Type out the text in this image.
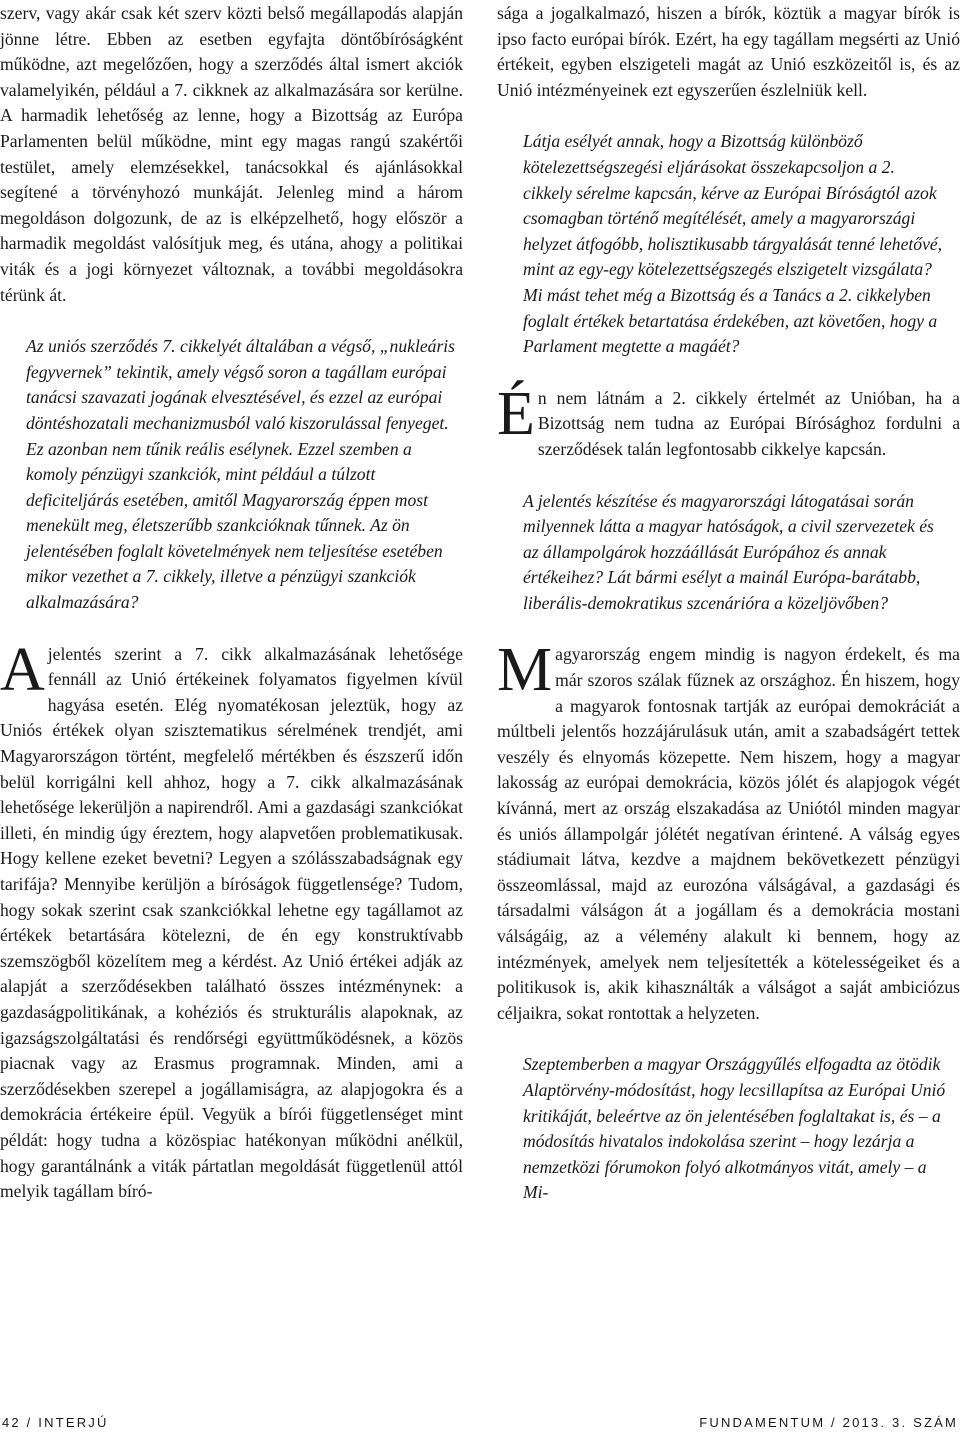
szerv, vagy akár csak két szerv közti belső megállapodás alapján jönne létre. Ebben az esetben egyfajta döntőbíróságként működne, azt megelőzően, hogy a szerződés által ismert akciók valamelyikén, például a 7. cikknek az alkalmazására sor kerülne. A harmadik lehetőség az lenne, hogy a Bizottság az Európa Parlamenten belül működne, mint egy magas rangú szakértői testület, amely elemzésekkel, tanácsokkal és ajánlásokkal segítené a törvényhozó munkáját. Jelenleg mind a három megoldáson dolgozunk, de az is elképzelhető, hogy először a harmadik megoldást valósítjuk meg, és utána, ahogy a politikai viták és a jogi környezet változnak, a további megoldásokra térünk át.

Az uniós szerződés 7. cikkelyét általában a végső, „nukleáris fegyvernek” tekintik, amely végső soron a tagállam európai tanácsi szavazati jogának elvesztésével, és ezzel az európai döntéshozatali mechanizmusból való kiszorulással fenyeget. Ez azonban nem tűnik reális esélynek. Ezzel szemben a komoly pénzügyi szankciók, mint például a túlzott deficiteljárás esetében, amitől Magyarország éppen most menekült meg, életszerűbb szankcióknak tűnnek. Az ön jelentésében foglalt követelmények nem teljesítése esetében mikor vezethet a 7. cikkely, illetve a pénzügyi szankciók alkalmazására?

A jelentés szerint a 7. cikk alkalmazásának lehetősége fennáll az Unió értékeinek folyamatos figyelmen kívül hagyása esetén. Elég nyomatékosan jeleztük, hogy az Uniós értékek olyan szisztematikus sérelmének trendjét, ami Magyarországon történt, megfelelő mértékben és észszerű időn belül korrigálni kell ahhoz, hogy a 7. cikk alkalmazásának lehetősége lekerüljön a napirendről. Ami a gazdasági szankciókat illeti, én mindig úgy éreztem, hogy alapvetően problematikusak. Hogy kellene ezeket bevetni? Legyen a szólásszabadságnak egy tarifája? Mennyibe kerüljön a bíróságok függetlensége? Tudom, hogy sokak szerint csak szankciókkal lehetne egy tagállamot az értékek betartására kötelezni, de én egy konstruktívabb szemszögből közelítem meg a kérdést. Az Unió értékei adják az alapját a szerződésekben található összes intézménynek: a gazdaságpolitikának, a kohéziós és strukturális alapoknak, az igazságszolgáltatási és rendőrségi együttműködésnek, a közös piacnak vagy az Erasmus programnak. Minden, ami a szerződésekben szerepel a jogállamiságra, az alapjogokra és a demokrácia értékeire épül. Vegyük a bírói függetlenséget mint példát: hogy tudna a közöspiac hatékonyan működni anélkül, hogy garantálnánk a viták pártatlan megoldását függetlenül attól melyik tagállam bíró-

sága a jogalkalmazó, hiszen a bírók, köztük a magyar bírók is ipso facto európai bírók. Ezért, ha egy tagállam megsérti az Unió értékeit, egyben elszigeteli magát az Unió eszközeitől is, és az Unió intézményeinek ezt egyszerűen észlelniük kell.

Látja esélyét annak, hogy a Bizottság különböző kötelezettségszegési eljárásokat összekapcsoljon a 2. cikkely sérelme kapcsán, kérve az Európai Bíróságtól azok csomagban történő megítélését, amely a magyarországi helyzet átfogóbb, holisztikusabb tárgyalását tenné lehetővé, mint az egy-egy kötelezettségszegés elszigetelt vizsgálata? Mi mást tehet még a Bizottság és a Tanács a 2. cikkelyben foglalt értékek betartatása érdekében, azt követően, hogy a Parlament megtette a magáét?

É n nem látnám a 2. cikkely értelmét az Unióban, ha a Bizottság nem tudna az Európai Bírósághoz fordulni a szerződések talán legfontosabb cikkelye kapcsán.

A jelentés készítése és magyarországi látogatásai során milyennek látta a magyar hatóságok, a civil szervezetek és az állampolgárok hozzáállását Európához és annak értékeihez? Lát bármi esélyt a mainál Európa-barátabb, liberális-demokratikus szcenárióra a közeljövőben?

M agyarország engem mindig is nagyon érdekelt, és ma már szoros szálak fűznek az országhoz. Én hiszem, hogy a magyarok fontosnak tartják az európai demokráciát a múltbeli jelentős hozzájárulásuk után, amit a szabadságért tettek veszély és elnyomás közepette. Nem hiszem, hogy a magyar lakosság az európai demokrácia, közös jólét és alapjogok végét kívánná, mert az ország elszakadása az Uniótól minden magyar és uniós állampolgár jólétét negatívan érintené. A válság egyes stádiumait látva, kezdve a majdnem bekövetkezett pénzügyi összeomlással, majd az eurozóna válságával, a gazdasági és társadalmi válságon át a jogállam és a demokrácia mostani válságáig, az a vélemény alakult ki bennem, hogy az intézmények, amelyek nem teljesítették a kötelességeiket és a politikusok is, akik kihasználták a válságot a saját ambiciózus céljaikra, sokat rontottak a helyzeten.

Szeptemberben a magyar Országgyűlés elfogadta az ötödik Alaptörvény-módosítást, hogy lecsillapítsa az Európai Unió kritikáját, beleértve az ön jelentésében foglaltakat is, és – a módosítás hivatalos indokolása szerint – hogy lezárja a nemzetközi fórumokon folyó alkotmányos vitát, amely – a Mi-

42 / INTERJÚ	FUNDAMENTUM / 2013. 3. SZÁM
